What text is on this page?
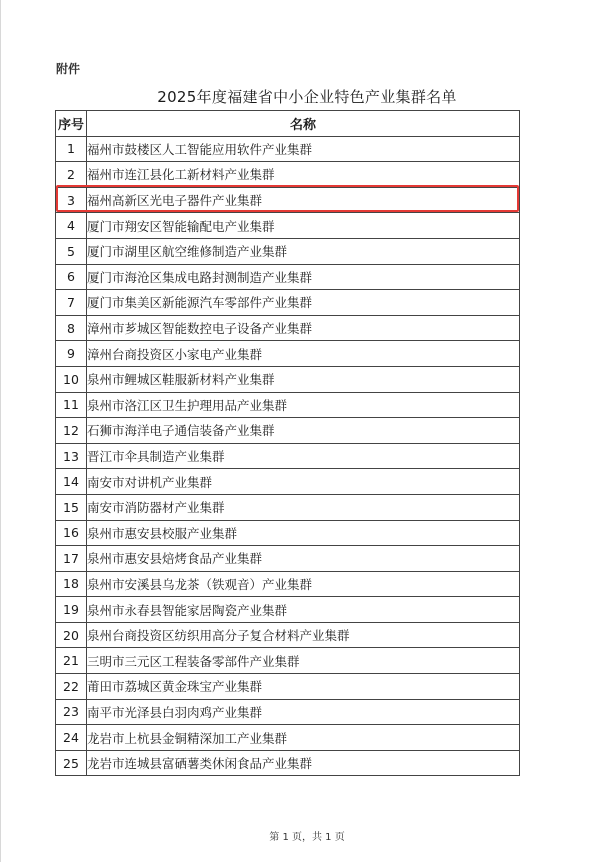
附件
2025年度福建省中小企业特色产业集群名单
序号	名称
1	福州市鼓楼区人工智能应用软件产业集群
2	福州市连江县化工新材料产业集群
3	福州高新区光电子器件产业集群
4	厦门市翔安区智能输配电产业集群
5	厦门市湖里区航空维修制造产业集群
6	厦门市海沧区集成电路封测制造产业集群
7	厦门市集美区新能源汽车零部件产业集群
8	漳州市芗城区智能数控电子设备产业集群
9	漳州台商投资区小家电产业集群
10	泉州市鲤城区鞋服新材料产业集群
11	泉州市洛江区卫生护理用品产业集群
12	石狮市海洋电子通信装备产业集群
13	晋江市伞具制造产业集群
14	南安市对讲机产业集群
15	南安市消防器材产业集群
16	泉州市惠安县校服产业集群
17	泉州市惠安县焙烤食品产业集群
18	泉州市安溪县乌龙茶（铁观音）产业集群
19	泉州市永春县智能家居陶瓷产业集群
20	泉州台商投资区纺织用高分子复合材料产业集群
21	三明市三元区工程装备零部件产业集群
22	莆田市荔城区黄金珠宝产业集群
23	南平市光泽县白羽肉鸡产业集群
24	龙岩市上杭县金铜精深加工产业集群
25	龙岩市连城县富硒薯类休闲食品产业集群
第 1 页，共 1 页
